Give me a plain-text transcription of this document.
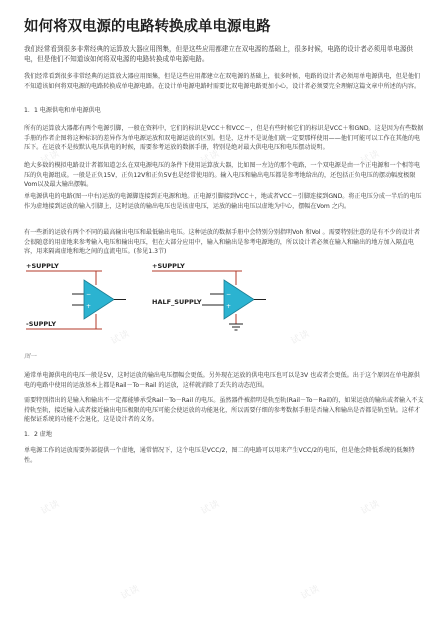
如何将双电源的电路转换成单电源电路

我们经常看到很多非常经典的运算放大器应用图集，但是这些应用都建立在双电源的基础上，很多时候，电路的设计者必须用单电源供电，但是他们不知道该如何将双电源的电路转换成单电源电路。

我们经常看到很多非常经典的运算放大器应用图集，但是这些应用都建立在双电源的基础上，很多时候，电路的设计者必须用单电源供电，但是他们不知道该如何将双电源的电路转换成单电源电路。在设计单电源电路时需要比双电源电路更加小心，设计者必须要完全理解这篇文章中所述的内容。

1．1 电源供电和单电源供电

所有的运算放大器都有两个电源引脚，一般在资料中，它们的标识是VCC＋和VCC－，但是有些时候它们的标识是VCC＋和GND。这是因为有些数据手册的作者企图将这种标识的差异作为单电源运放和双电源运放的区别。但是，这并不是说他们就一定要那样使用——他们可能可以工作在其他的电压下。在运放不是按默认电压供电的时候，需要参考运放的数据手册，特别是绝对最大供电电压和电压摆动说明。

绝大多数的模拟电路设计者都知道怎么在双电源电压的条件下使用运算放大器，比如图一左边的那个电路，一个双电源是由一个正电源和一个相等电压的负电源组成。一般是正负15V，正负12V和正负5V也是经常使用的。输入电压和输出电压都是参考地给出的，还包括正负电压的摆动幅度极限Vom以及最大输出摆幅。

单电源供电的电路(图一中右)运放的电源脚连接到正电源和地。正电源引脚接到VCC＋，地或者VCC－引脚连接到GND。将正电压分成一半后的电压作为虚地接到运放的输入引脚上，这时运放的输出电压也是该虚电压，运放的输出电压以虚地为中心，摆幅在Vom 之内。

有一些新的运放有两个不同的最高输出电压和最低输出电压。这种运放的数据手册中会特别分别指明Voh 和Vol 。需要特别注意的是有不少的设计者会很随意的用虚地来参考输入电压和输出电压，但在大部分应用中，输入和输出是参考电源地的，所以设计者必须在输入和输出的地方加入隔直电容，用来隔离虚地和地之间的直流电压。(参见1.3节)

+SUPPLY
-SUPPLY
−
+
+SUPPLY
HALF_SUPPLY
−
+

图一

通常单电源供电的电压一般是5V，这时运放的输出电压摆幅会更低。另外现在运放的供电电压也可以是3V 也或者会更低。出于这个原因在单电源供电的电路中使用的运放基本上都是Rail－To－Rail 的运放，这样就消除了丢失的动态范围。

需要特别指出的是输入和输出不一定都能够承受Rail－To－Rail 的电压。虽然器件被指明是轨至轨(Rail－To－Rail)的，如果运放的输出或者输入不支持轨至轨，接近输入或者接近输出电压极限的电压可能会使运放的功能退化，所以需要仔细的参考数据手册是否输入和输出是否都是轨至轨。这样才能保证系统的功能不会退化，这是设计者的义务。

1．2 虚地

单电源工作的运放需要外部提供一个虚地，通常情况下，这个电压是VCC/2，图二的电路可以用来产生VCC/2的电压，但是他会降低系统的低频特性。

试读	试读	试读
试读	试读
试读	试读	试读
试读	试读
